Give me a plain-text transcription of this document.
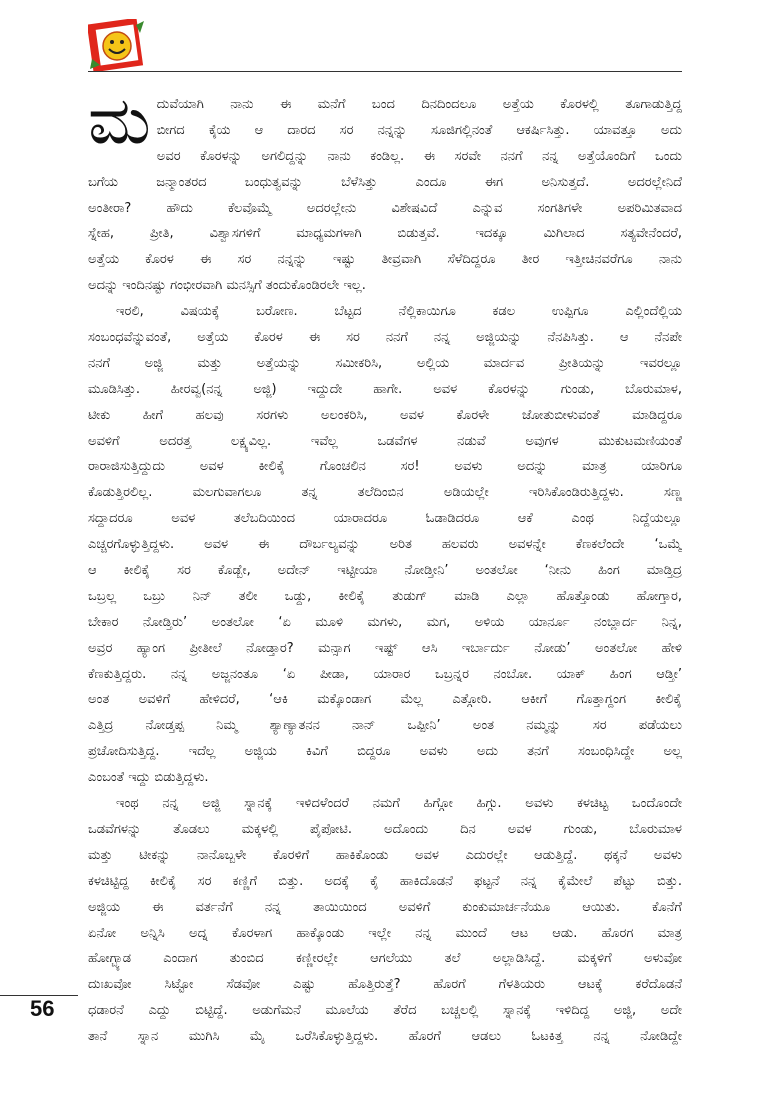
ಮ ದುವೆಯಾಗಿ ನಾನು ಈ ಮನೆಗೆ ಬಂದ ದಿನದಿಂದಲೂ ಅತ್ತೆಯ ಕೊರಳಲ್ಲಿ ತೂಗಾಡುತ್ತಿದ್ದ
ಬೀಗದ ಕೈಯ ಆ ದಾರದ ಸರ ನನ್ನನ್ನು ಸೂಜಿಗಲ್ಲಿನಂತೆ ಆಕರ್ಷಿಸಿತ್ತು. ಯಾವತ್ತೂ ಅದು
ಅವರ ಕೊರಳನ್ನು ಅಗಲಿದ್ದನ್ನು ನಾನು ಕಂಡಿಲ್ಲ. ಈ ಸರವೇ ನನಗೆ ನನ್ನ ಅತ್ತೆಯೊಂದಿಗೆ ಒಂದು
ಬಗೆಯ ಜನ್ಮಾಂತರದ ಬಂಧುತ್ವವನ್ನು ಬೆಳೆಸಿತ್ತು ಎಂದೂ ಈಗ ಅನಿಸುತ್ತದೆ. ಅದರಲ್ಲೇನಿದೆ
ಅಂತೀರಾ? ಹೌದು ಕೆಲವೊಮ್ಮೆ ಅದರಲ್ಲೇನು ವಿಶೇಷವಿದೆ ಎನ್ನುವ ಸಂಗತಿಗಳೇ ಅಪರಿಮಿತವಾದ
ಸ್ನೇಹ, ಪ್ರೀತಿ, ವಿಶ್ವಾಸಗಳಿಗೆ ಮಾಧ್ಯಮಗಳಾಗಿ ಬಿಡುತ್ತವೆ. ಇದಕ್ಕೂ ಮಿಗಿಲಾದ ಸತ್ಯವೇನೆಂದರೆ,
ಅತ್ತೆಯ ಕೊರಳ ಈ ಸರ ನನ್ನನ್ನು ಇಷ್ಟು ತೀವ್ರವಾಗಿ ಸೆಳೆದಿದ್ದರೂ ತೀರ ಇತ್ತೀಚಿನವರೆಗೂ ನಾನು
ಅದನ್ನು ಇಂದಿನಷ್ಟು ಗಂಭೀರವಾಗಿ ಮನಸ್ಸಿಗೆ ತಂದುಕೊಂಡಿರಲೇ ಇಲ್ಲ.

ಇರಲಿ, ವಿಷಯಕ್ಕೆ ಬರೋಣ. ಬೆಟ್ಟದ ನೆಲ್ಲಿಕಾಯಿಗೂ ಕಡಲ ಉಪ್ಪಿಗೂ ಎಲ್ಲಿಂದೆಲ್ಲಿಯ
ಸಂಬಂಧವೆನ್ನುವಂತೆ, ಅತ್ತೆಯ ಕೊರಳ ಈ ಸರ ನನಗೆ ನನ್ನ ಅಜ್ಜಿಯನ್ನು ನೆನಪಿಸಿತ್ತು. ಆ ನೆನಪೇ
ನನಗೆ ಅಜ್ಜಿ ಮತ್ತು ಅತ್ತೆಯನ್ನು ಸಮೀಕರಿಸಿ, ಅಲ್ಲಿಯ ಮಾರ್ದವ ಪ್ರೀತಿಯನ್ನು ಇವರಲ್ಲೂ
ಮೂಡಿಸಿತ್ತು. ಹೀರವ್ವ(ನನ್ನ ಅಜ್ಜಿ) ಇದ್ದುದೇ ಹಾಗೇ. ಅವಳ ಕೊರಳನ್ನು ಗುಂಡು, ಬೊರುಮಾಳ,
ಟೀಕು ಹೀಗೆ ಹಲವು ಸರಗಳು ಅಲಂಕರಿಸಿ, ಅವಳ ಕೊರಳೇ ಜೋತುಬೀಳುವಂತೆ ಮಾಡಿದ್ದರೂ
ಅವಳಿಗೆ ಅದರತ್ತ ಲಕ್ಷ್ಯವಿಲ್ಲ. ಇವೆಲ್ಲ ಒಡವೆಗಳ ನಡುವೆ ಅವುಗಳ ಮುಕುಟಮಣಿಯಂತೆ
ರಾರಾಜಿಸುತ್ತಿದ್ದುದು ಅವಳ ಕೀಲಿಕೈ ಗೊಂಚಲಿನ ಸರ! ಅವಳು ಅದನ್ನು ಮಾತ್ರ ಯಾರಿಗೂ
ಕೊಡುತ್ತಿರಲಿಲ್ಲ. ಮಲಗುವಾಗಲೂ ತನ್ನ ತಲೆದಿಂಬಿನ ಅಡಿಯಲ್ಲೇ ಇರಿಸಿಕೊಂಡಿರುತ್ತಿದ್ದಳು. ಸಣ್ಣ
ಸದ್ದಾದರೂ ಅವಳ ತಲೆಬದಿಯಿಂದ ಯಾರಾದರೂ ಓಡಾಡಿದರೂ ಆಕೆ ಎಂಥ ನಿದ್ದೆಯಲ್ಲೂ
ಎಚ್ಚರಗೊಳ್ಳುತ್ತಿದ್ದಳು. ಅವಳ ಈ ದೌರ್ಬಲ್ಯವನ್ನು ಅರಿತ ಹಲವರು ಅವಳನ್ನೇ ಕೆಣಕಲೆಂದೇ ‘ಒಮ್ಮೆ
ಆ ಕೀಲಿಕೈ ಸರ ಕೊಡ್ಬೇ, ಅದೇನ್ ಇಟ್ಟೀಯಾ ನೋಡ್ತೀನಿ’ ಅಂತಲೋ ‘ನೀನು ಹಿಂಗ ಮಾಡ್ತಿದ್ರ
ಒಬ್ರಲ್ಲ ಒಬ್ರು ನಿನ್ ತಲೀ ಒಡ್ದು, ಕೀಲಿಕೈ ತುಡುಗ್ ಮಾಡಿ ಎಲ್ಲಾ ಹೊತ್ತೊಂಡು ಹೋಗ್ತಾರ,
ಬೇಕಾರ ನೋಡ್ತಿರು’ ಅಂತಲೋ ‘ಏ ಮೂಳಿ ಮಗಳು, ಮಗ, ಅಳಿಯ ಯಾರ್ನೂ ನಂಬ್ಲಾರ್ದ ನಿನ್ನ,
ಅವ್ರರ ಹ್ಯಾಂಗ ಪ್ರೀತೀಲೆ ನೋಡ್ತಾರ? ಮನ್ಸಾಗ ಇಷ್ಟ್ ಆಸಿ ಇರ್ಬಾರ್ದು ನೋಡು’ ಅಂತಲೋ ಹೇಳಿ
ಕೆಣಕುತ್ತಿದ್ದರು. ನನ್ನ ಅಜ್ಜನಂತೂ ‘ಏ ಪೀಡಾ, ಯಾರಾರ ಒಬ್ರನ್ನರ ನಂಬೋ. ಯಾಕ್ ಹಿಂಗ ಆಡ್ತೀ’
ಅಂತ ಅವಳಿಗೆ ಹೇಳಿದರೆ, ‘ಆಕಿ ಮಕ್ಕೊಂಡಾಗ ಮೆಲ್ಲ ಎತ್ಗೋರಿ. ಆಕೀಗೆ ಗೊತ್ತಾಗ್ದಂಗ ಕೀಲಿಕೈ
ಎತ್ತಿದ್ರ ನೋಡ್ತಪ್ಪ ನಿಮ್ಮ ಶ್ಯಾಣ್ಯಾತನನ ನಾನ್ ಒಪ್ಪೀನಿ’ ಅಂತ ನಮ್ಮನ್ನು ಸರ ಪಡೆಯಲು
ಪ್ರಚೋದಿಸುತ್ತಿದ್ದ. ಇದೆಲ್ಲ ಅಜ್ಜಿಯ ಕಿವಿಗೆ ಬಿದ್ದರೂ ಅವಳು ಅದು ತನಗೆ ಸಂಬಂಧಿಸಿದ್ದೇ ಅಲ್ಲ
ಎಂಬಂತೆ ಇದ್ದು ಬಿಡುತ್ತಿದ್ದಳು.

ಇಂಥ ನನ್ನ ಅಜ್ಜಿ ಸ್ನಾನಕ್ಕೆ ಇಳಿದಳೆಂದರೆ ನಮಗೆ ಹಿಗ್ಗೋ ಹಿಗ್ಗು. ಅವಳು ಕಳಚಿಟ್ಟ ಒಂದೊಂದೇ
ಒಡವೆಗಳನ್ನು ತೊಡಲು ಮಕ್ಕಳಲ್ಲಿ ಪೈಪೋಟಿ. ಅದೊಂದು ದಿನ ಅವಳ ಗುಂಡು, ಬೊರುಮಾಳ
ಮತ್ತು ಟೀಕನ್ನು ನಾನೊಬ್ಬಳೇ ಕೊರಳಿಗೆ ಹಾಕಿಕೊಂಡು ಅವಳ ಎದುರಲ್ಲೇ ಆಡುತ್ತಿದ್ದೆ. ಥಕ್ಕನೆ ಅವಳು
ಕಳಚಿಟ್ಟಿದ್ದ ಕೀಲಿಕೈ ಸರ ಕಣ್ಣಿಗೆ ಬಿತ್ತು. ಅದಕ್ಕೆ ಕೈ ಹಾಕಿದೊಡನೆ ಫಟ್ಟನೆ ನನ್ನ ಕೈಮೇಲೆ ಪೆಟ್ಟು ಬಿತ್ತು.
ಅಜ್ಜಿಯ ಈ ವರ್ತನೆಗೆ ನನ್ನ ತಾಯಿಯಿಂದ ಅವಳಿಗೆ ಕುಂಕುಮಾರ್ಚನೆಯೂ ಆಯಿತು. ಕೊನೆಗೆ
ಏನೋ ಅನ್ನಿಸಿ ಅದ್ನ ಕೊರಳಾಗ ಹಾಕ್ಕೊಂಡು ಇಲ್ಲೇ ನನ್ನ ಮುಂದೆ ಆಟ ಆಡು. ಹೊರಗ ಮಾತ್ರ
ಹೋಗ್ಬ್ಯಾಡ ಎಂದಾಗ ತುಂಬಿದ ಕಣ್ಣೀರಲ್ಲೇ ಆಗಲೆಯು ತಲೆ ಅಲ್ಲಾಡಿಸಿದ್ದೆ. ಮಕ್ಕಳಿಗೆ ಅಳುವೋ
ದುಃಖವೋ ಸಿಟ್ಟೋ ಸೆಡವೋ ಎಷ್ಟು ಹೊತ್ತಿರುತ್ತೆ? ಹೊರಗೆ ಗೆಳತಿಯರು ಆಟಕ್ಕೆ ಕರೆದೊಡನೆ
ಧಡಾರನೆ ಎದ್ದು ಬಿಟ್ಟಿದ್ದೆ. ಅಡುಗೆಮನೆ ಮೂಲೆಯ ತೆರೆದ ಬಚ್ಚಲಲ್ಲಿ ಸ್ನಾನಕ್ಕೆ ಇಳಿದಿದ್ದ ಅಜ್ಜಿ, ಅದೇ
ತಾನೆ ಸ್ನಾನ ಮುಗಿಸಿ ಮೈ ಒರೆಸಿಕೊಳ್ಳುತ್ತಿದ್ದಳು. ಹೊರಗೆ ಆಡಲು ಓಟಕಿತ್ತ ನನ್ನ ನೋಡಿದ್ದೇ

56
